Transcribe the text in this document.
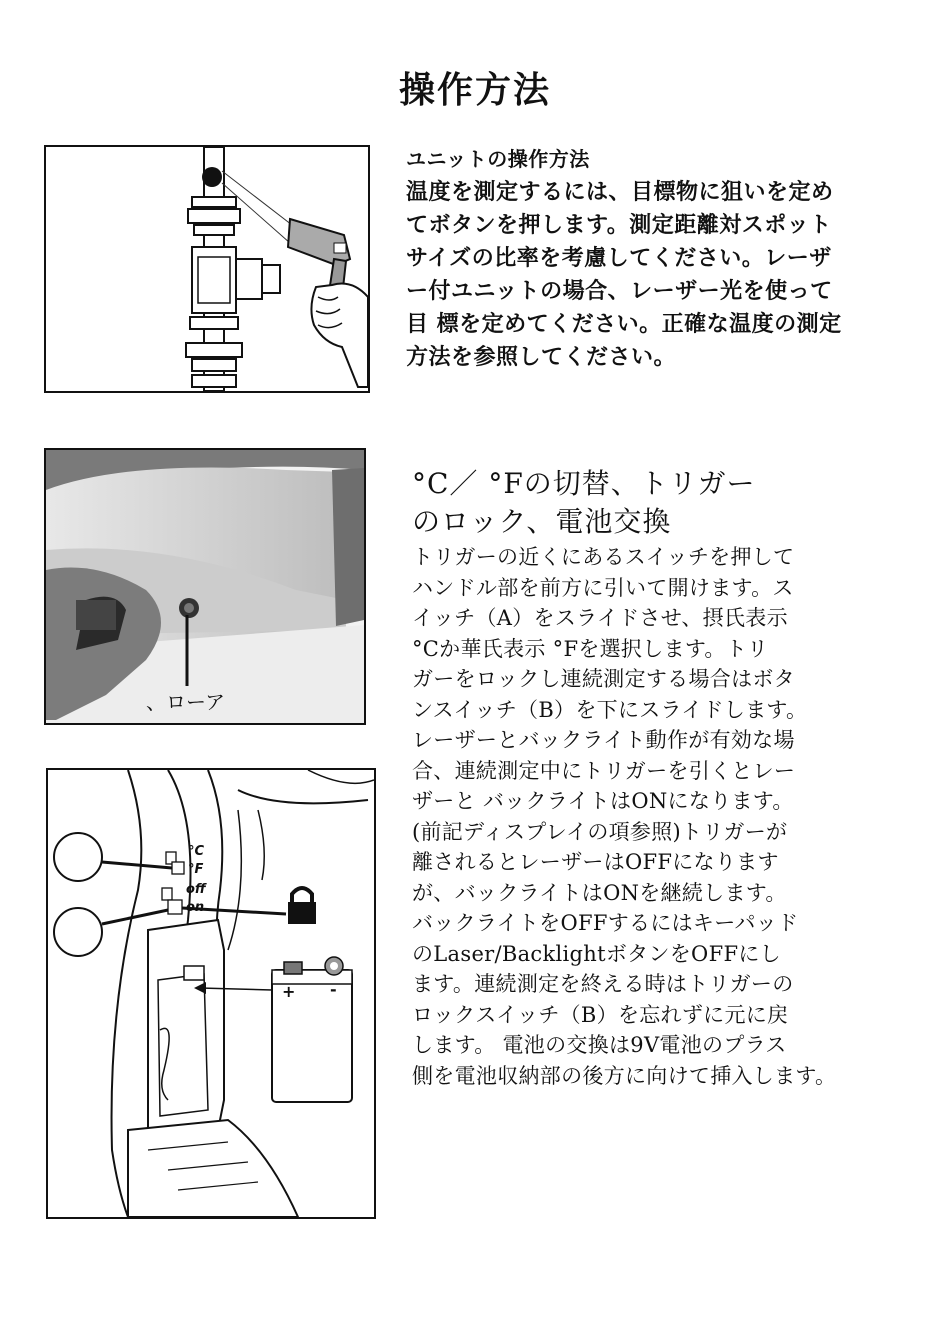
操作方法
ユニットの操作方法
温度を測定するには、目標物に狙いを定め
てボタンを押します。測定距離対スポット
サイズの比率を考慮してください。レーザ
ー付ユニットの場合、レーザー光を使って
目 標を定めてください。正確な温度の測定
方法を参照してください。
、ローア
°C／ °Fの切替、トリガー
のロック、電池交換
トリガーの近くにあるスイッチを押して
ハンドル部を前方に引いて開けます。ス
イッチ（A）をスライドさせ、摂氏表示
°Cか華氏表示 °Fを選択します。トリ
ガーをロックし連続測定する場合はボタ
ンスイッチ（B）を下にスライドします。
レーザーとバックライト動作が有効な場
合、連続測定中にトリガーを引くとレー
ザーと バックライトはONになります。
(前記ディスプレイの項参照)トリガーが
離されるとレーザーはOFFになります
が、バックライトはONを継続します。
バックライトをOFFするにはキーパッド
のLaser/BacklightボタンをOFFにし
ます。連続測定を終える時はトリガーの
ロックスイッチ（B）を忘れずに元に戻
します。 電池の交換は9V電池のプラス
側を電池収納部の後方に向けて挿入します。
°C
°F
off
on
+ -
